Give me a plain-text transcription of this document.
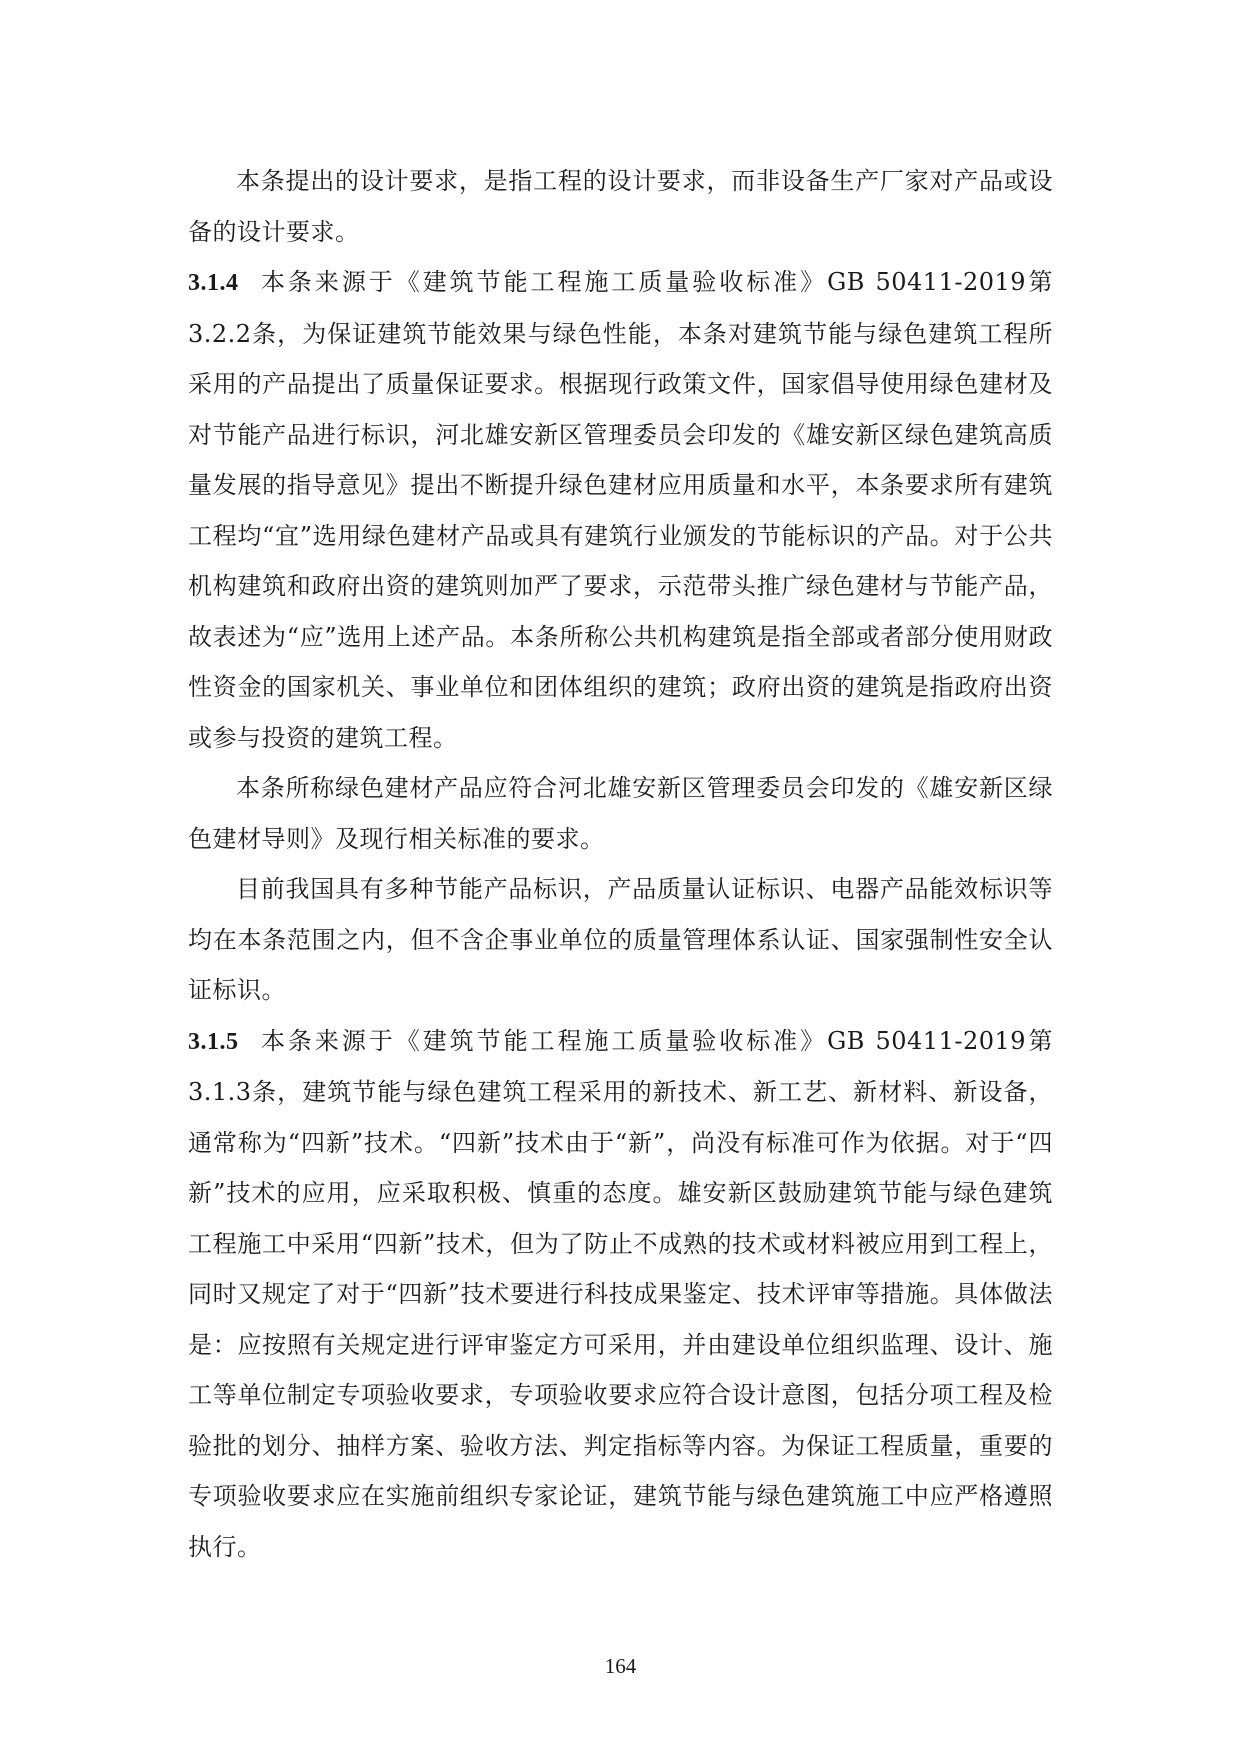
本条提出的设计要求，是指工程的设计要求，而非设备生产厂家对产品或设备的设计要求。

3.1.4 本条来源于《建筑节能工程施工质量验收标准》GB 50411-2019第3.2.2条，为保证建筑节能效果与绿色性能，本条对建筑节能与绿色建筑工程所采用的产品提出了质量保证要求。根据现行政策文件，国家倡导使用绿色建材及对节能产品进行标识，河北雄安新区管理委员会印发的《雄安新区绿色建筑高质量发展的指导意见》提出不断提升绿色建材应用质量和水平，本条要求所有建筑工程均“宜”选用绿色建材产品或具有建筑行业颁发的节能标识的产品。对于公共机构建筑和政府出资的建筑则加严了要求，示范带头推广绿色建材与节能产品，故表述为“应”选用上述产品。本条所称公共机构建筑是指全部或者部分使用财政性资金的国家机关、事业单位和团体组织的建筑；政府出资的建筑是指政府出资或参与投资的建筑工程。

本条所称绿色建材产品应符合河北雄安新区管理委员会印发的《雄安新区绿色建材导则》及现行相关标准的要求。

目前我国具有多种节能产品标识，产品质量认证标识、电器产品能效标识等均在本条范围之内，但不含企事业单位的质量管理体系认证、国家强制性安全认证标识。

3.1.5 本条来源于《建筑节能工程施工质量验收标准》GB 50411-2019第3.1.3条，建筑节能与绿色建筑工程采用的新技术、新工艺、新材料、新设备，通常称为“四新”技术。“四新”技术由于“新”，尚没有标准可作为依据。对于“四新”技术的应用，应采取积极、慎重的态度。雄安新区鼓励建筑节能与绿色建筑工程施工中采用“四新”技术，但为了防止不成熟的技术或材料被应用到工程上，同时又规定了对于“四新”技术要进行科技成果鉴定、技术评审等措施。具体做法是：应按照有关规定进行评审鉴定方可采用，并由建设单位组织监理、设计、施工等单位制定专项验收要求，专项验收要求应符合设计意图，包括分项工程及检验批的划分、抽样方案、验收方法、判定指标等内容。为保证工程质量，重要的专项验收要求应在实施前组织专家论证，建筑节能与绿色建筑施工中应严格遵照执行。

164
